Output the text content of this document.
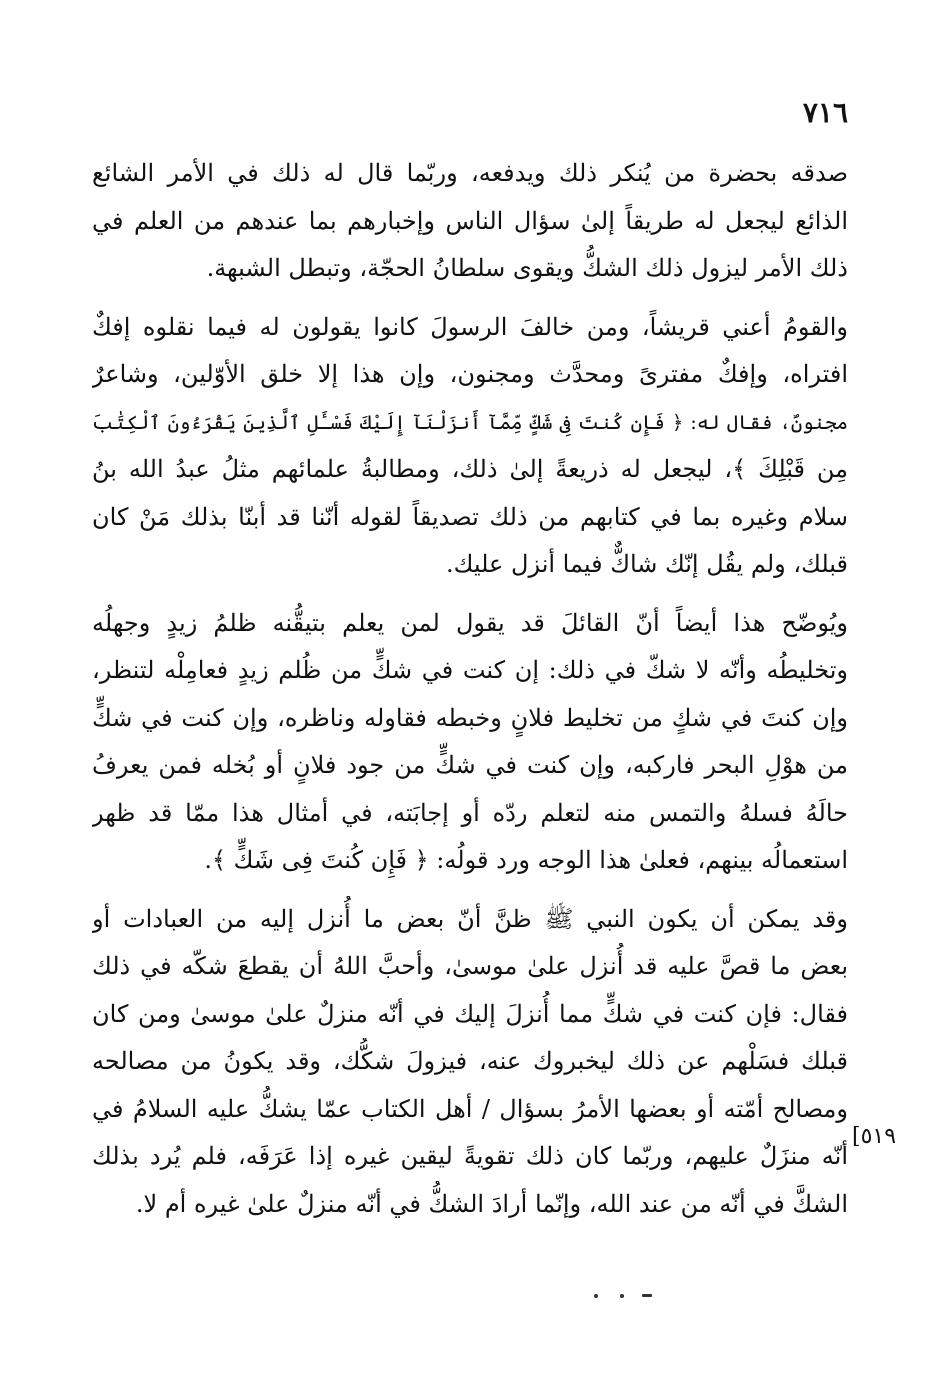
٧١٦
صدقه بحضرة من يُنكر ذلك ويدفعه، وربّما قال له ذلك في الأمر الشائع
الذائع ليجعل له طريقاً إلىٰ سؤال الناس وإخبارهم بما عندهم من العلم في
ذلك الأمر ليزول ذلك الشكُّ ويقوى سلطانُ الحجّة، وتبطل الشبهة.
والقومُ أعني قريشاً، ومن خالفَ الرسولَ كانوا يقولون له فيما نقلوه إفكٌ
افتراه، وإفكٌ مفترىً ومحدَّث ومجنون، وإن هذا إلا خلق الأوّلين، وشاعرٌ
مجنونٌ، فقال له: ﴿ فَإِن كُنتَ فِى شَكٍّ مِّمَّآ أَنزَلْنَآ إِلَيْكَ فَسْـَٔلِ ٱلَّذِينَ يَقْرَءُونَ ٱلْكِتَٰبَ
مِن قَبْلِكَ ﴾، ليجعل له ذريعةً إلىٰ ذلك، ومطالبةُ علمائهم مثلُ عبدُ الله بنُ
سلام وغيره بما في كتابهم من ذلك تصديقاً لقوله أنّنا قد أبنّا بذلك مَنْ كان
قبلك، ولم يقُل إنّك شاكٌّ فيما أنزل عليك.
ويُوضّح هذا أيضاً أنّ القائلَ قد يقول لمن يعلم بتيقُّنه ظلمُ زيدٍ وجهلُه
وتخليطُه وأنّه لا شكّ في ذلك: إن كنت في شكٍّ من ظُلم زيدٍ فعامِلْه لتنظر،
وإن كنتَ في شكٍ من تخليط فلانٍ وخبطه فقاوله وناظره، وإن كنت في شكٍّ
من هوْلِ البحر فاركبه، وإن كنت في شكٍّ من جود فلانٍ أو بُخله فمن يعرفُ
حالَهُ فسلهُ والتمس منه لتعلم ردّه أو إجابَته، في أمثال هذا ممّا قد ظهر
استعمالُه بينهم، فعلىٰ هذا الوجه ورد قولُه: ﴿ فَإِن كُنتَ فِى شَكٍّ ﴾.
وقد يمكن أن يكون النبي ﷺ ظنَّ أنّ بعض ما أُنزل إليه من العبادات أو
بعض ما قصَّ عليه قد أُنزل علىٰ موسىٰ، وأحبَّ اللهُ أن يقطعَ شكّه في ذلك
فقال: فإن كنت في شكٍّ مما أُنزلَ إليك في أنّه منزلٌ علىٰ موسىٰ ومن كان
قبلك فسَلْهم عن ذلك ليخبروك عنه، فيزولَ شكُّك، وقد يكونُ من مصالحه
ومصالح أمّته أو بعضها الأمرُ بسؤال / أهل الكتاب عمّا يشكُّ عليه السلامُ في
أنّه منزَلٌ عليهم، وربّما كان ذلك تقويةً ليقين غيره إذا عَرَفَه، فلم يُرد بذلك
الشكَّ في أنّه من عند الله، وإنّما أرادَ الشكُّ في أنّه منزلٌ علىٰ غيره أم لا.
[٥١٩
